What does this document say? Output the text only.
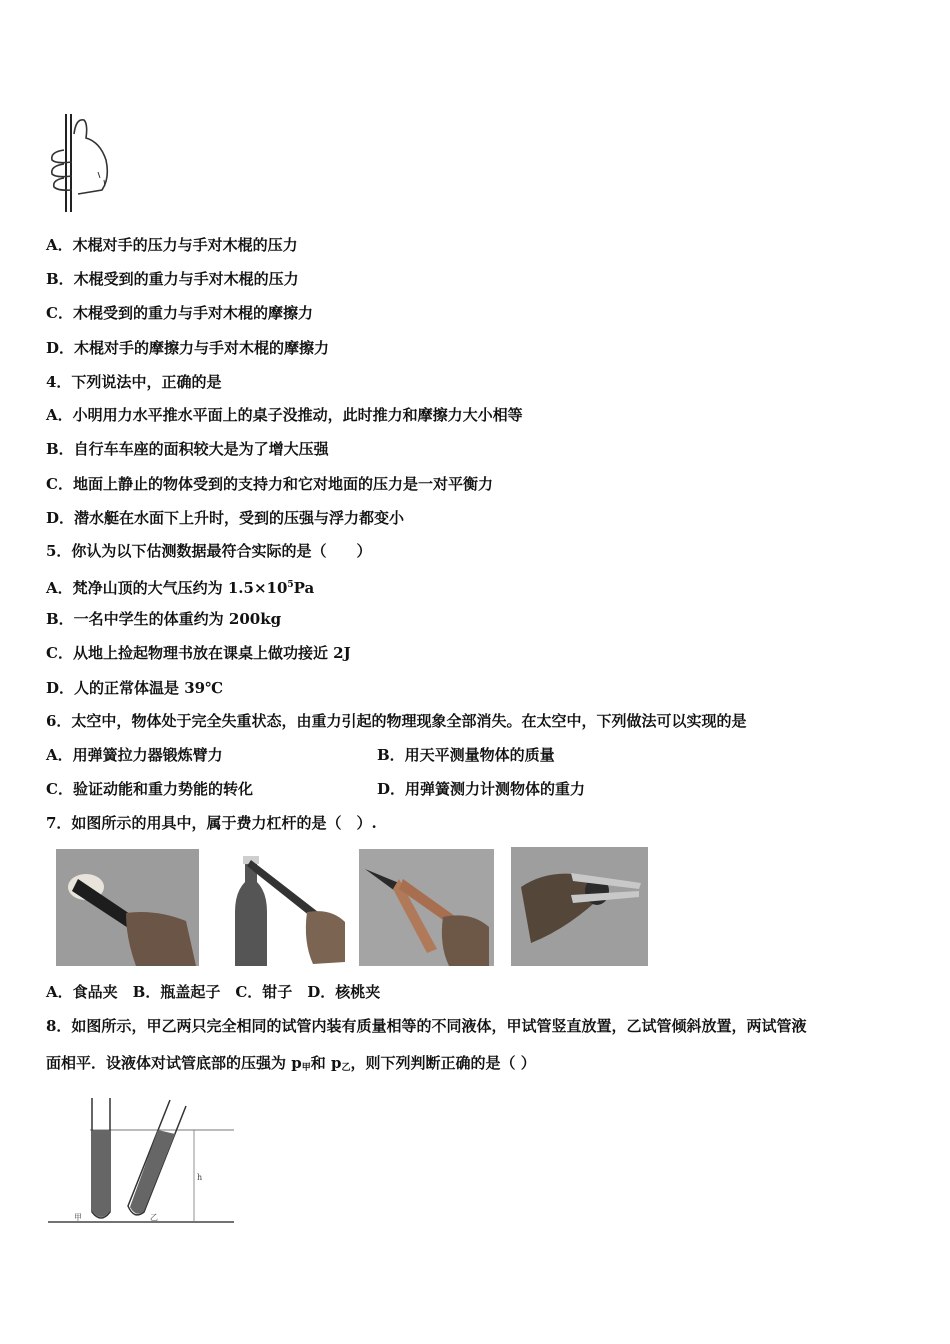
A．木棍对手的压力与手对木棍的压力
B．木棍受到的重力与手对木棍的压力
C．木棍受到的重力与手对木棍的摩擦力
D．木棍对手的摩擦力与手对木棍的摩擦力
4．下列说法中，正确的是
A．小明用力水平推水平面上的桌子没推动，此时推力和摩擦力大小相等
B．自行车车座的面积较大是为了增大压强
C．地面上静止的物体受到的支持力和它对地面的压力是一对平衡力
D．潜水艇在水面下上升时，受到的压强与浮力都变小
5．你认为以下估测数据最符合实际的是（　　）
A．梵净山顶的大气压约为 $1.5\times 10^5Pa$
B．一名中学生的体重约为 200kg
C．从地上捡起物理书放在课桌上做功接近 2J
D．人的正常体温是 39℃
6．太空中，物体处于完全失重状态，由重力引起的物理现象全部消失。在太空中，下列做法可以实现的是
A．用弹簧拉力器锻炼臂力	B．用天平测量物体的质量
C．验证动能和重力势能的转化	D．用弹簧测力计测物体的重力
7．如图所示的用具中，属于费力杠杆的是（　）.
A．食品夹　B．瓶盖起子　C．钳子　D．核桃夹
8．如图所示，甲乙两只完全相同的试管内装有质量相等的不同液体，甲试管竖直放置，乙试管倾斜放置，两试管液
面相平．设液体对试管底部的压强为 $p_甲$和 $p_乙$，则下列判断正确的是（ ）
甲	乙
h
